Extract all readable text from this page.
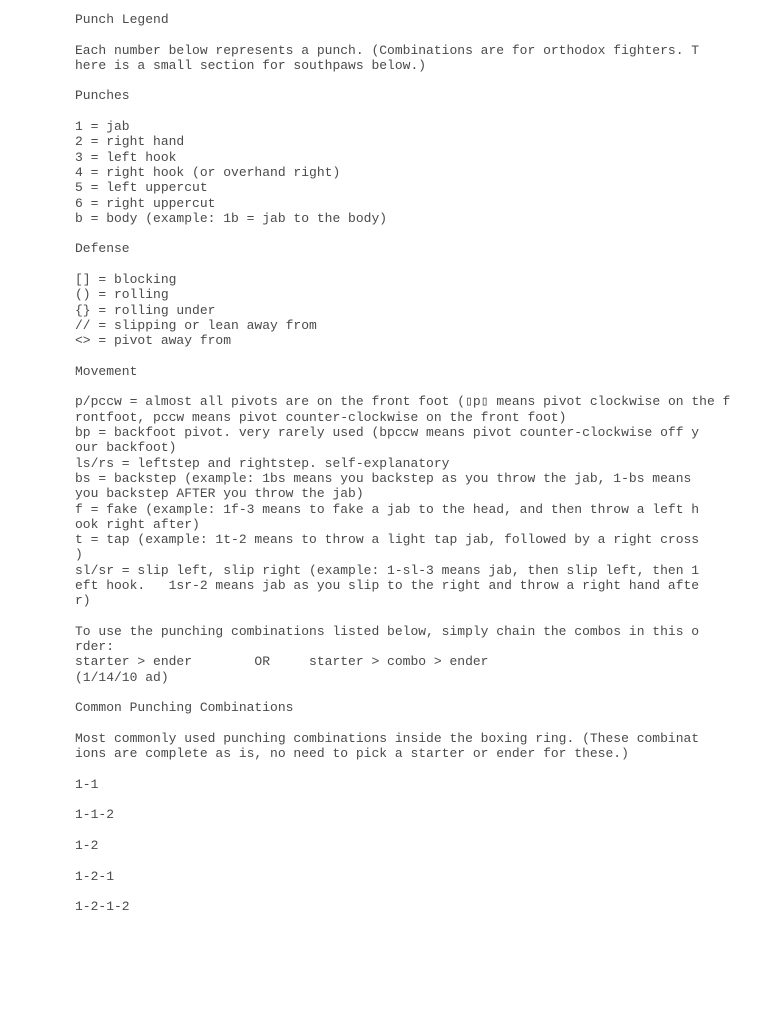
Punch Legend
Each number below represents a punch. (Combinations are for orthodox fighters. T
here is a small section for southpaws below.)
Punches
1 = jab
2 = right hand
3 = left hook
4 = right hook (or overhand right)
5 = left uppercut
6 = right uppercut
b = body (example: 1b = jab to the body)
Defense
[] = blocking
() = rolling
{} = rolling under
// = slipping or lean away from
<> = pivot away from
Movement
p/pccw = almost all pivots are on the front foot (▯p▯ means pivot clockwise on the f
rontfoot, pccw means pivot counter-clockwise on the front foot)
bp = backfoot pivot. very rarely used (bpccw means pivot counter-clockwise off y
our backfoot)
ls/rs = leftstep and rightstep. self-explanatory
bs = backstep (example: 1bs means you backstep as you throw the jab, 1-bs means
you backstep AFTER you throw the jab)
f = fake (example: 1f-3 means to fake a jab to the head, and then throw a left h
ook right after)
t = tap (example: 1t-2 means to throw a light tap jab, followed by a right cross
)
sl/sr = slip left, slip right (example: 1-sl-3 means jab, then slip left, then 1
eft hook.   1sr-2 means jab as you slip to the right and throw a right hand afte
r)
To use the punching combinations listed below, simply chain the combos in this o
rder:
starter > ender        OR     starter > combo > ender
(1/14/10 ad)
Common Punching Combinations
Most commonly used punching combinations inside the boxing ring. (These combinat
ions are complete as is, no need to pick a starter or ender for these.)
1-1
1-1-2
1-2
1-2-1
1-2-1-2
